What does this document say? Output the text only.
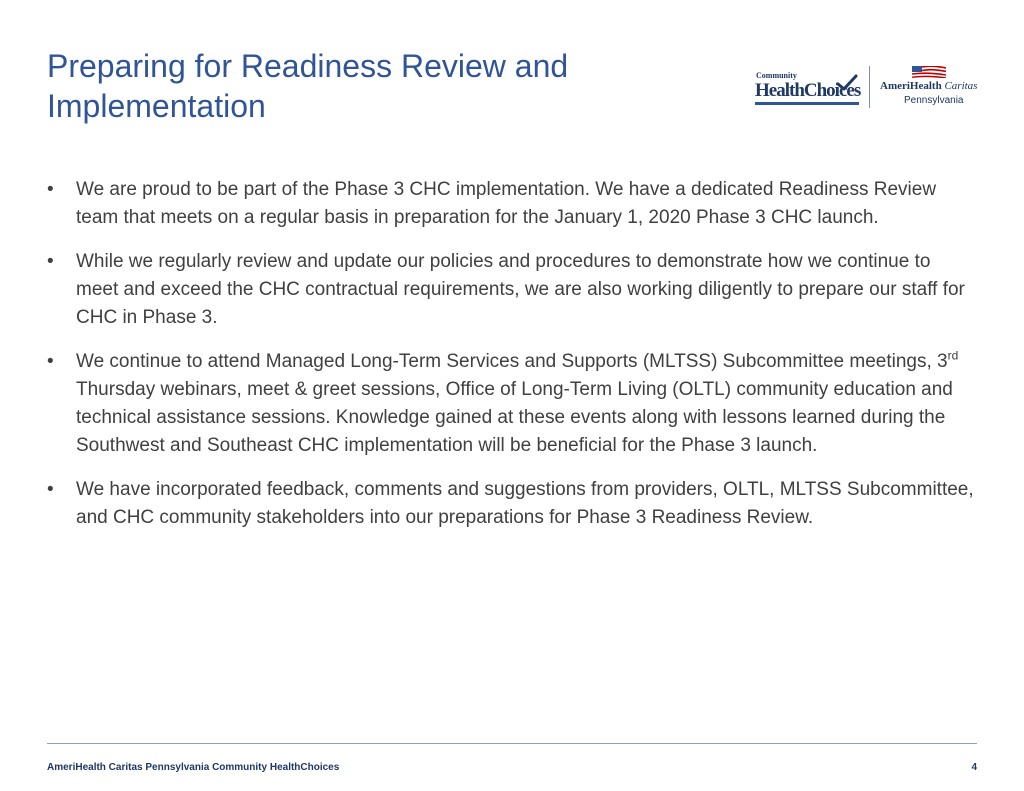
Preparing for Readiness Review and Implementation
Community
HealthChoices AmeriHealth Caritas
Pennsylvania
• We are proud to be part of the Phase 3 CHC implementation. We have a dedicated Readiness Review team that meets on a regular basis in preparation for the January 1, 2020 Phase 3 CHC launch.
• While we regularly review and update our policies and procedures to demonstrate how we continue to meet and exceed the CHC contractual requirements, we are also working diligently to prepare our staff for CHC in Phase 3.
• We continue to attend Managed Long-Term Services and Supports (MLTSS) Subcommittee meetings, 3rd Thursday webinars, meet & greet sessions, Office of Long-Term Living (OLTL) community education and technical assistance sessions. Knowledge gained at these events along with lessons learned during the Southwest and Southeast CHC implementation will be beneficial for the Phase 3 launch.
• We have incorporated feedback, comments and suggestions from providers, OLTL, MLTSS Subcommittee, and CHC community stakeholders into our preparations for Phase 3 Readiness Review.
AmeriHealth Caritas Pennsylvania Community HealthChoices	4
